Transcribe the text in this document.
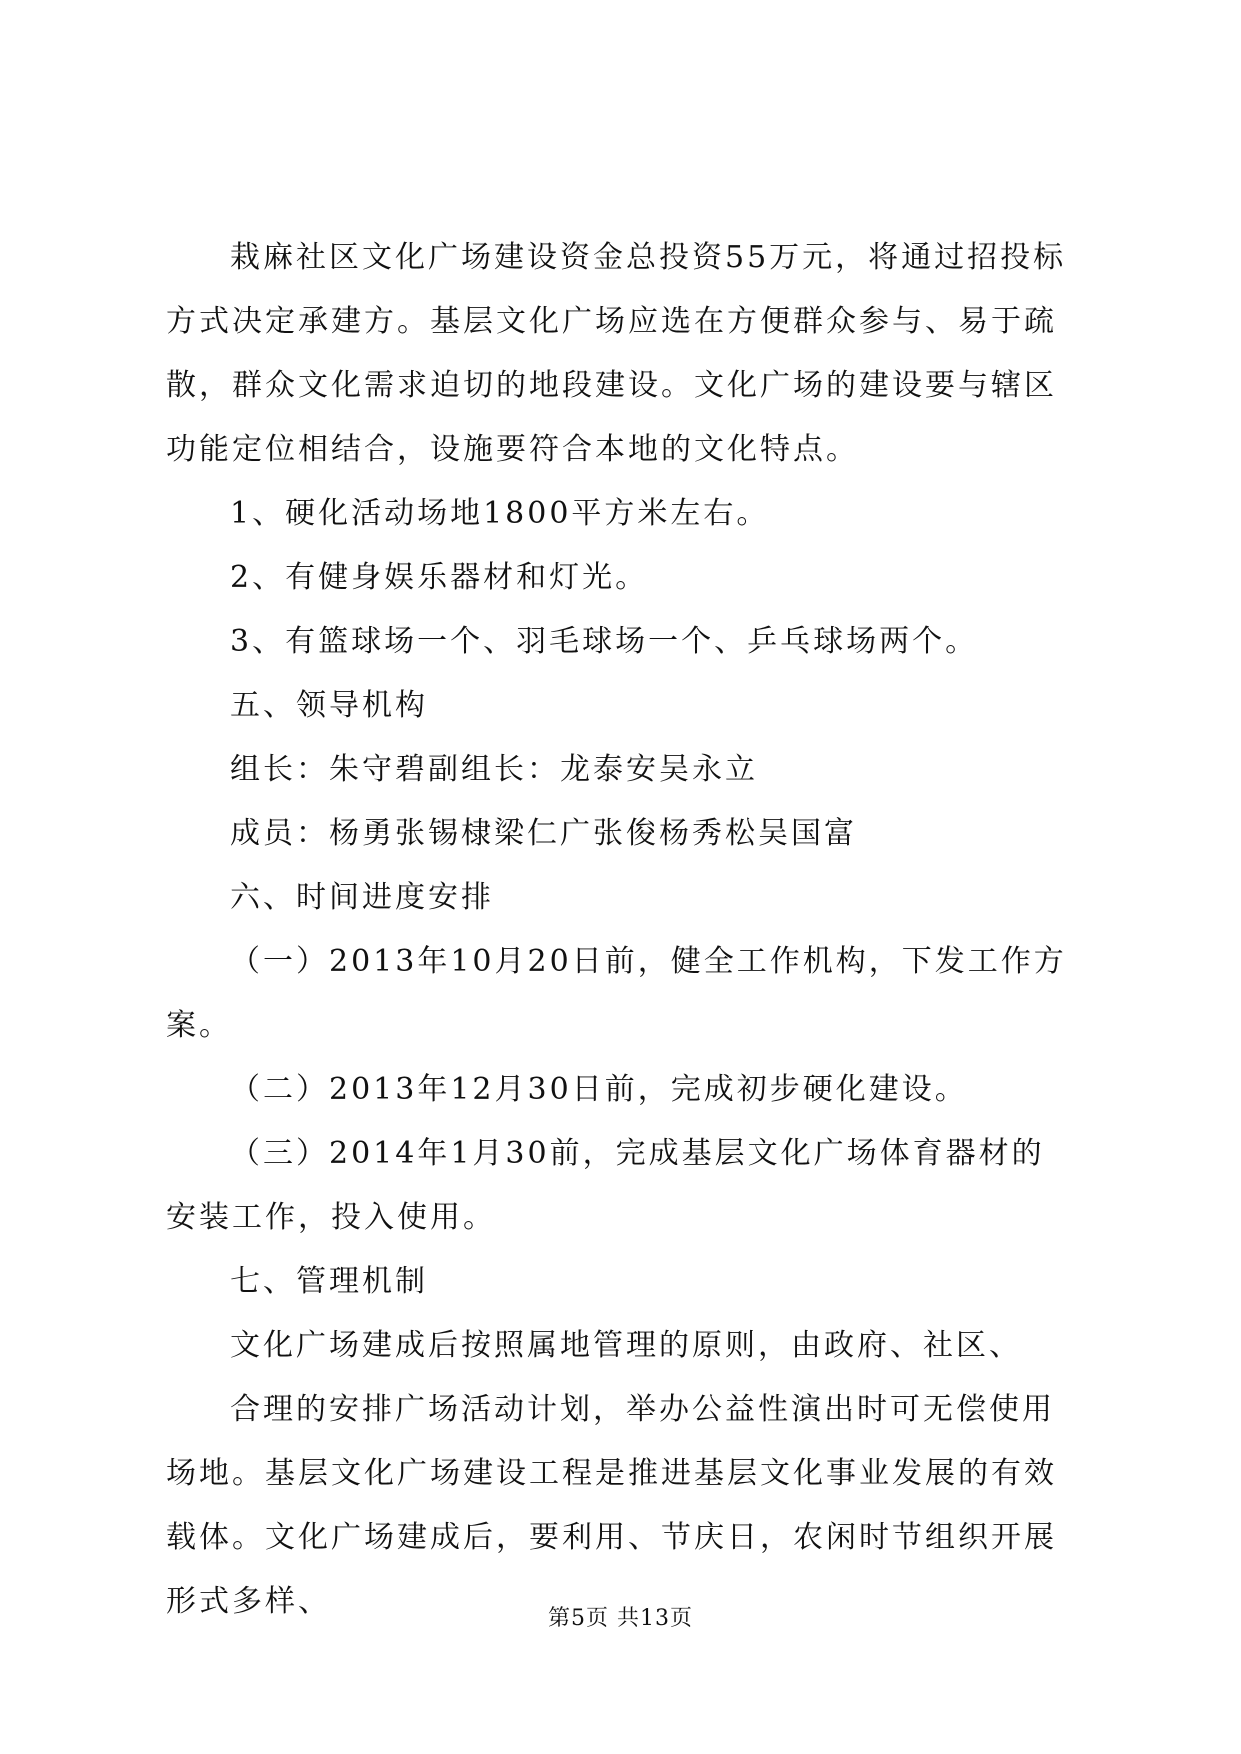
栽麻社区文化广场建设资金总投资55万元，将通过招投标方式决定承建方。基层文化广场应选在方便群众参与、易于疏散，群众文化需求迫切的地段建设。文化广场的建设要与辖区功能定位相结合，设施要符合本地的文化特点。

1、硬化活动场地1800平方米左右。

2、有健身娱乐器材和灯光。

3、有篮球场一个、羽毛球场一个、乒乓球场两个。

五、领导机构

组长：朱守碧副组长：龙泰安吴永立

成员：杨勇张锡棣梁仁广张俊杨秀松吴国富

六、时间进度安排

（一）2013年10月20日前，健全工作机构，下发工作方案。

（二）2013年12月30日前，完成初步硬化建设。

（三）2014年1月30前，完成基层文化广场体育器材的安装工作，投入使用。

七、管理机制

文化广场建成后按照属地管理的原则，由政府、社区、

合理的安排广场活动计划，举办公益性演出时可无偿使用场地。基层文化广场建设工程是推进基层文化事业发展的有效载体。文化广场建成后，要利用、节庆日，农闲时节组织开展形式多样、	第5页 共13页
